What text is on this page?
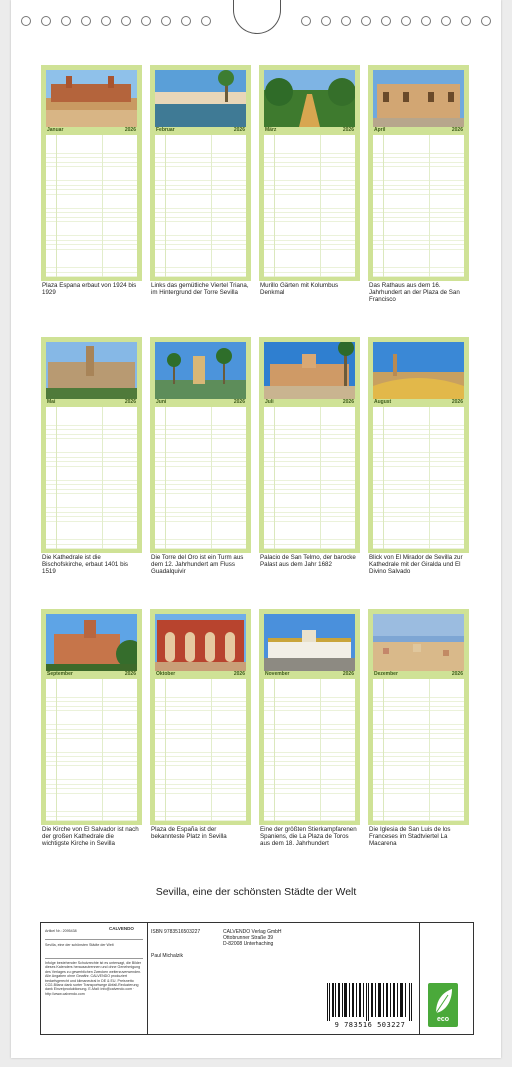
Januar	2026	Februar	2026	März	2026	April	2026
Plaza Espana erbaut von 1924 bis 1929
Links das gemütliche Viertel Triana, im Hintergrund der Torre Sevilla
Murillo Gärten mit Kolumbus Denkmal
Das Rathaus aus dem 16. Jahrhundert an der Plaza de San Francisco
Mai	2026	Juni	2026	Juli	2026	August	2026
Die Kathedrale ist die Bischofskirche, erbaut 1401 bis 1519
Die Torre del Oro ist ein Turm aus dem 12. Jahrhundert am Fluss Guadalquivir
Palacio de San Telmo, der barocke Palast aus dem Jahr 1682
Blick von El Mirador de Sevilla zur Kathedrale mit der Giralda und El Divino Salvado
September	2026	Oktober	2026	November	2026	Dezember	2026
Die Kirche von El Salvador ist nach der großen Kathedrale die wichtigste Kirche in Sevilla
Plaza de España ist der bekannteste Platz in Sevilla
Eine der größten Stierkampfarenen Spaniens, die La Plaza de Toros aus dem 18. Jahrhundert
Die Iglesia de San Luis de los Franceses im Stadtviertel La Macarena
Sevilla, eine der schönsten Städte der Welt
Artikel Nr.: 2095438	CALVENDO
Sevilla, eine der schönsten Städte der Welt
Infolge bestehender Schutzrechte ist es untersagt, die Bilder dieses Kalenders herauszutrennen und ohne Genehmigung des Verlages zu gewerblichen Zwecken weiterzuverwenden. Alle Angaben ohne Gewähr. CALVENDO produziert bedarfsgerecht und klimaneutral in DE & EU. Preisnetto CO2-Bilanz dank sorter Transportwege Abfall-Reduzierung dank Einzelproduktionung. E-Mail: info@calvendo.com · http://www.calvendo.com
ISBN 9783516503227
Paul Michalzik
CALVENDO Verlag GmbH
Ottobrunner Straße 39
D-82008 Unterhaching
9 783516 503227
eco
